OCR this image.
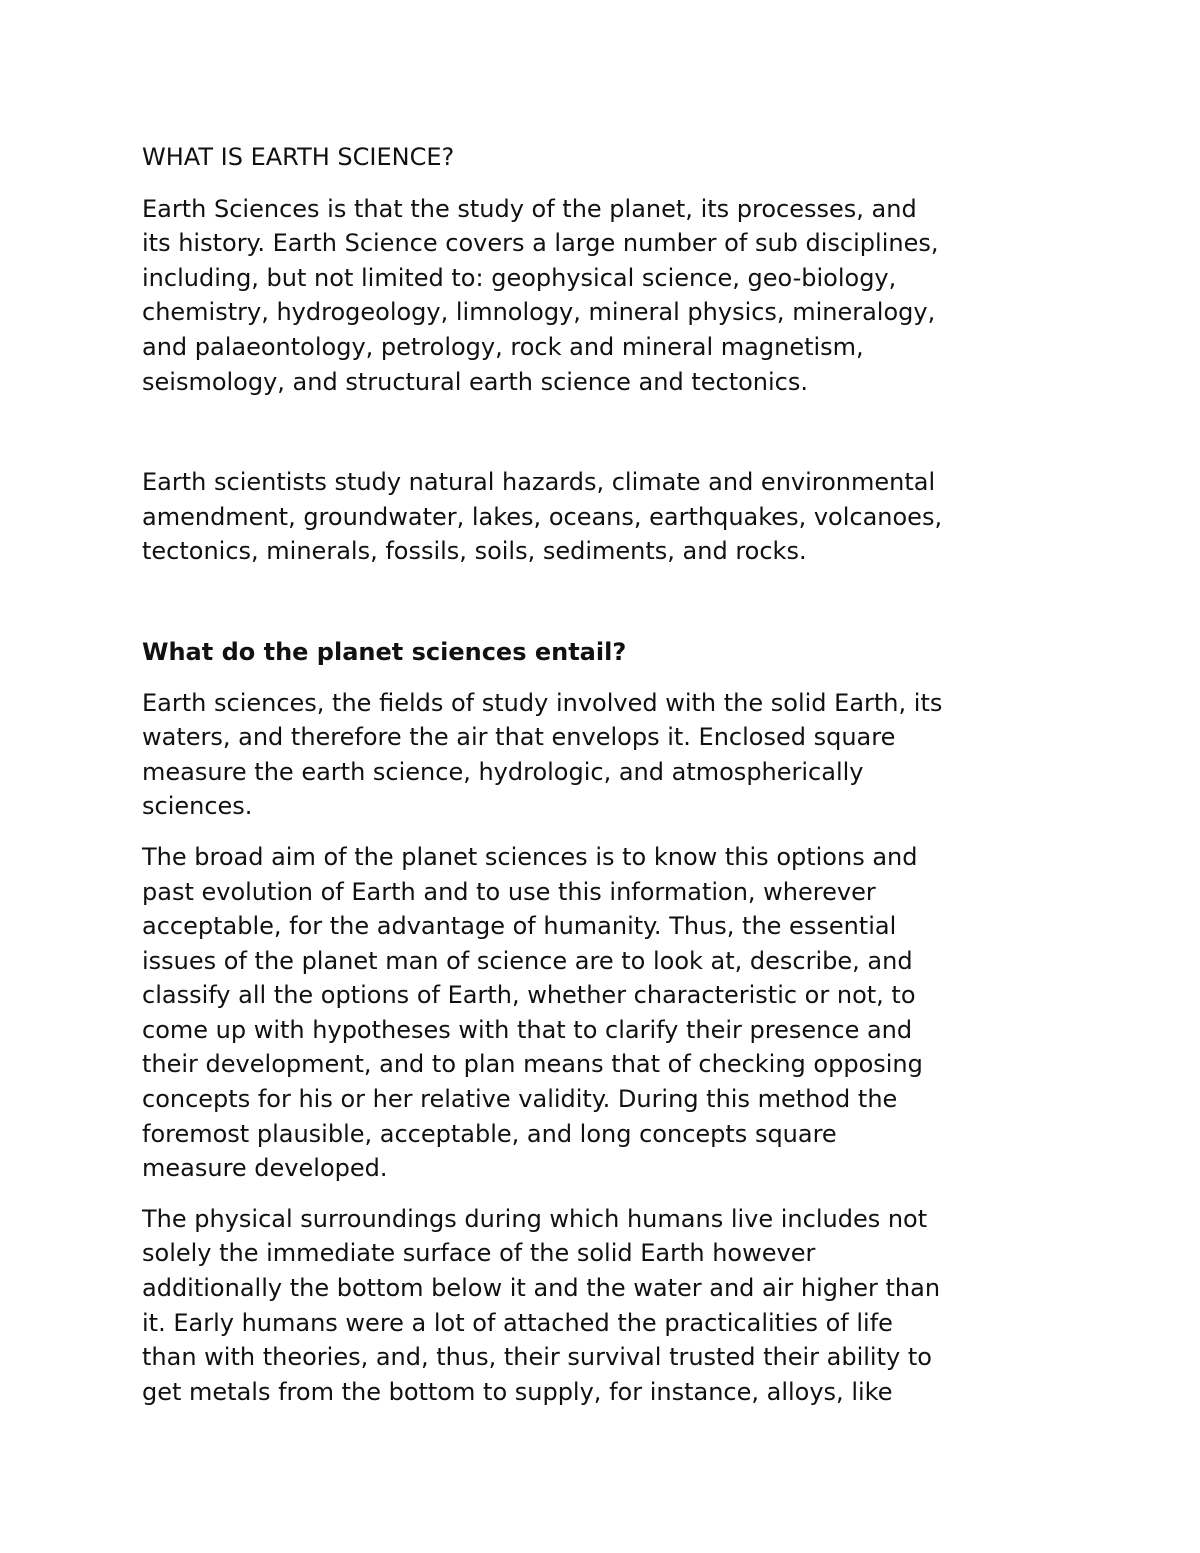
WHAT IS EARTH SCIENCE?
Earth Sciences is that the study of the planet, its processes, and
its history. Earth Science covers a large number of sub disciplines,
including, but not limited to: geophysical science, geo-biology,
chemistry, hydrogeology, limnology, mineral physics, mineralogy,
and palaeontology, petrology, rock and mineral magnetism,
seismology, and structural earth science and tectonics.
Earth scientists study natural hazards, climate and environmental
amendment, groundwater, lakes, oceans, earthquakes, volcanoes,
tectonics, minerals, fossils, soils, sediments, and rocks.
What do the planet sciences entail?
Earth sciences, the fields of study involved with the solid Earth, its
waters, and therefore the air that envelops it. Enclosed square
measure the earth science, hydrologic, and atmospherically
sciences.
The broad aim of the planet sciences is to know this options and
past evolution of Earth and to use this information, wherever
acceptable, for the advantage of humanity. Thus, the essential
issues of the planet man of science are to look at, describe, and
classify all the options of Earth, whether characteristic or not, to
come up with hypotheses with that to clarify their presence and
their development, and to plan means that of checking opposing
concepts for his or her relative validity. During this method the
foremost plausible, acceptable, and long concepts square
measure developed.
The physical surroundings during which humans live includes not
solely the immediate surface of the solid Earth however
additionally the bottom below it and the water and air higher than
it. Early humans were a lot of attached the practicalities of life
than with theories, and, thus, their survival trusted their ability to
get metals from the bottom to supply, for instance, alloys, like
